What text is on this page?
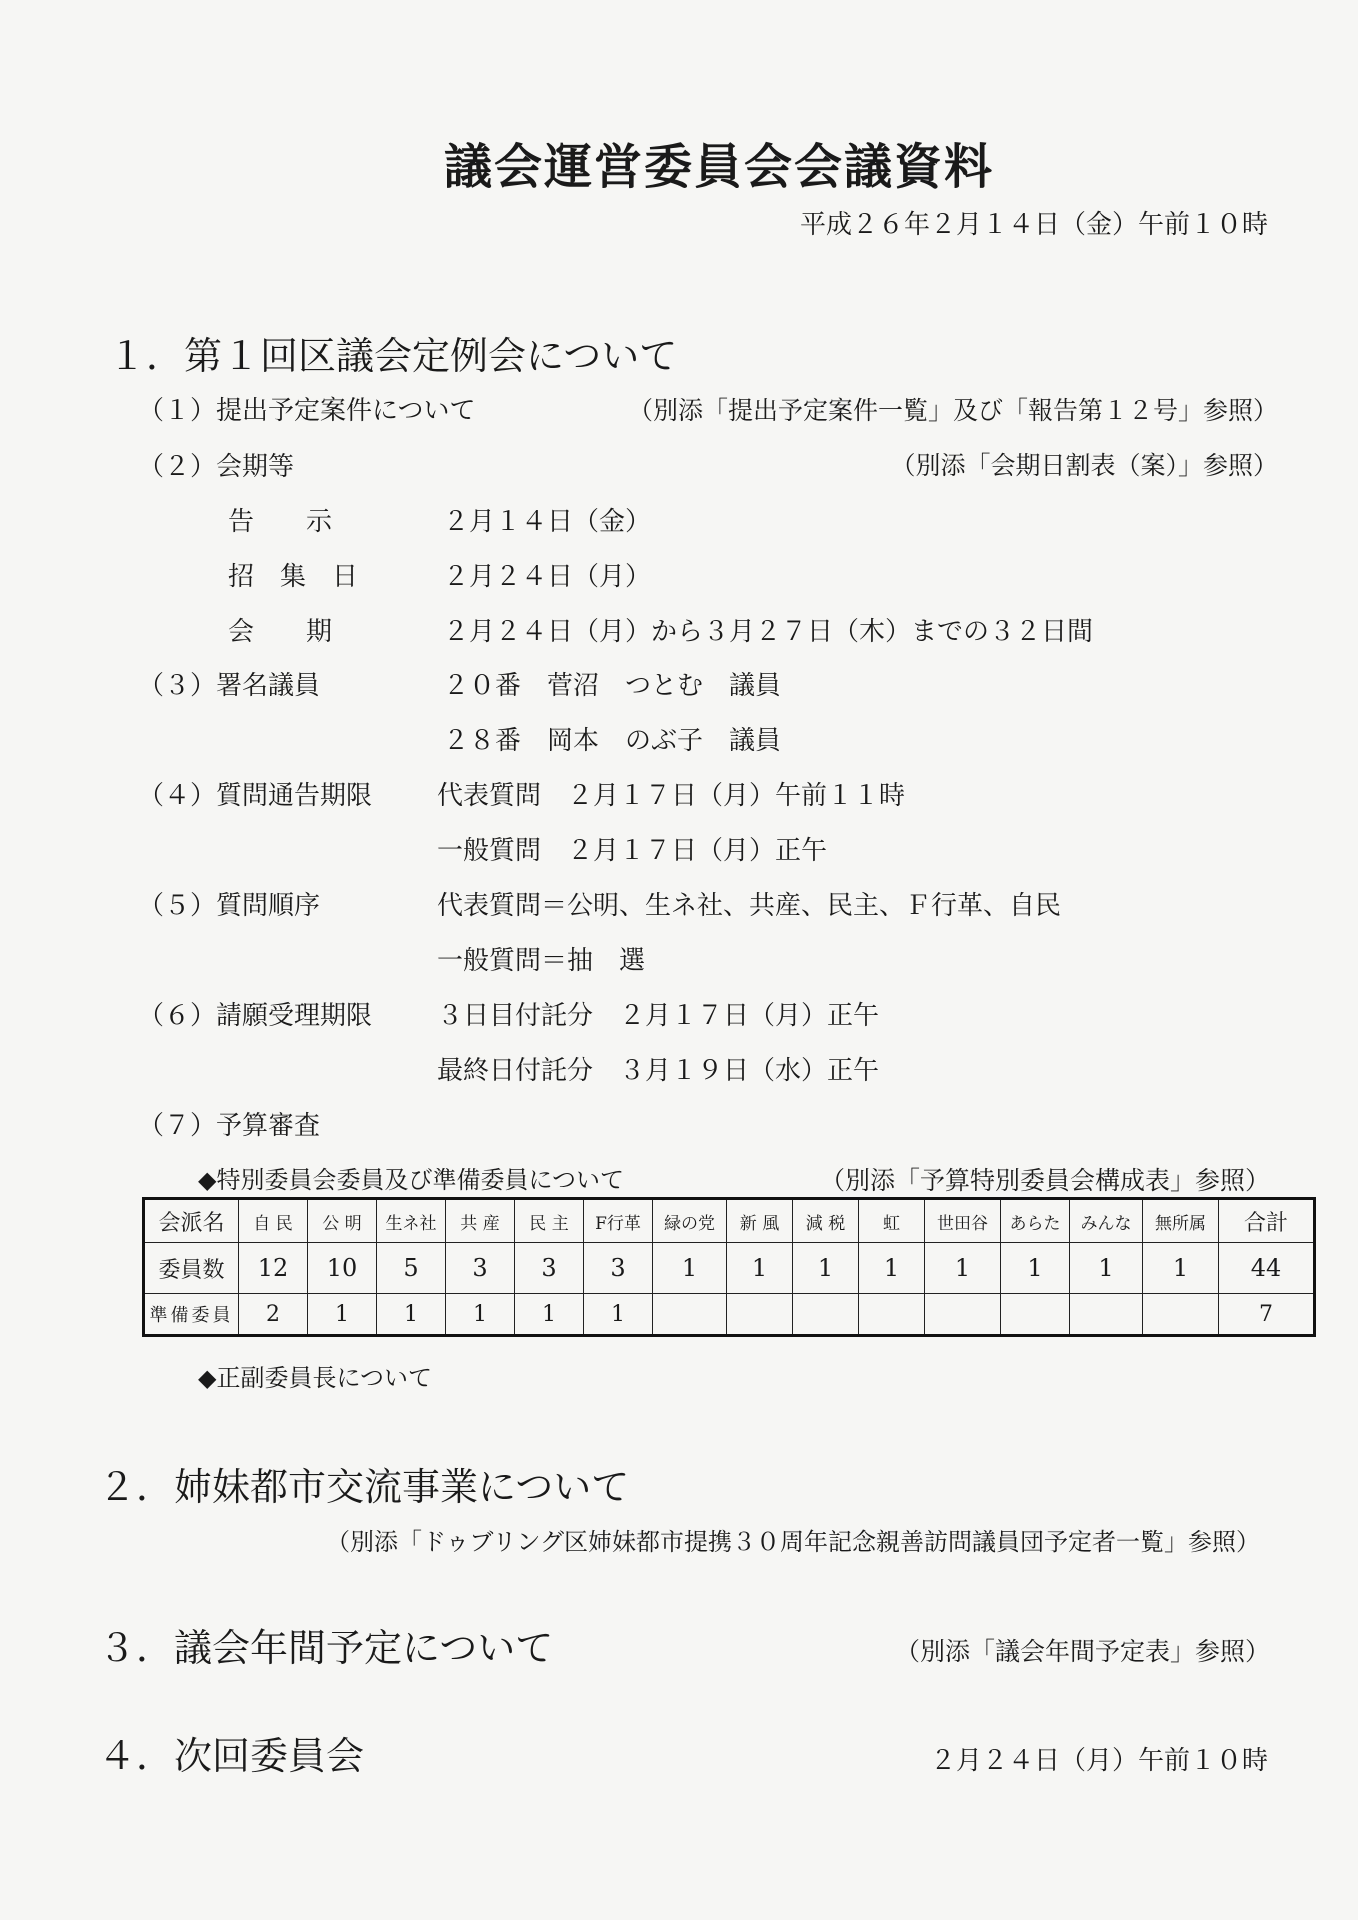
議会運営委員会会議資料
平成２６年２月１４日（金）午前１０時
１．第１回区議会定例会について
（１）提出予定案件について	（別添「提出予定案件一覧」及び「報告第１２号」参照）
（２）会期等	（別添「会期日割表（案）」参照）
告　　示	２月１４日（金）
招　集　日	２月２４日（月）
会　　期	２月２４日（月）から３月２７日（木）までの３２日間
（３）署名議員	２０番　菅沼　つとむ　議員
２８番　岡本　のぶ子　議員
（４）質問通告期限 代表質問　２月１７日（月）午前１１時
一般質問　２月１７日（月）正午
（５）質問順序	代表質問＝公明、生ネ社、共産、民主、Ｆ行革、自民
一般質問＝抽　選
（６）請願受理期限 ３日目付託分　２月１７日（月）正午
最終日付託分　３月１９日（水）正午
（７）予算審査
◆特別委員会委員及び準備委員について	（別添「予算特別委員会構成表」参照）
会派名	自 民	公 明	生ネ社	共 産	民 主	F行革	緑の党	新 風	減 税	虹	世田谷	あらた	みんな	無所属	合計
委員数	12	10	5	3	3	3	1	1	1	1	1	1	1	1	44
準備委員	2	1	1	1	1	1									7
◆正副委員長について
２．姉妹都市交流事業について
（別添「ドゥブリング区姉妹都市提携３０周年記念親善訪問議員団予定者一覧」参照）
３．議会年間予定について	（別添「議会年間予定表」参照）
４．次回委員会	２月２４日（月）午前１０時
